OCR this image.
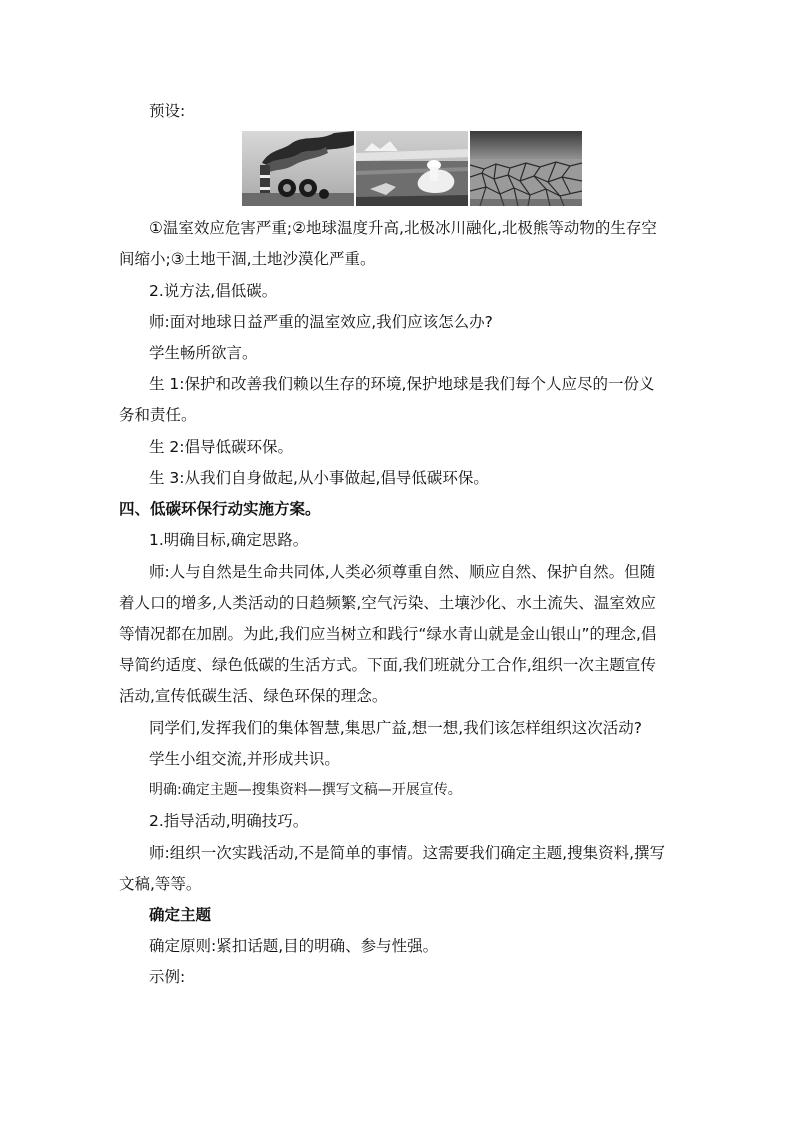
预设:
①温室效应危害严重;②地球温度升高,北极冰川融化,北极熊等动物的生存空
间缩小;③土地干涸,土地沙漠化严重。
2.说方法,倡低碳。
师:面对地球日益严重的温室效应,我们应该怎么办?
学生畅所欲言。
生 1:保护和改善我们赖以生存的环境,保护地球是我们每个人应尽的一份义
务和责任。
生 2:倡导低碳环保。
生 3:从我们自身做起,从小事做起,倡导低碳环保。
四、低碳环保行动实施方案。
1.明确目标,确定思路。
师:人与自然是生命共同体,人类必须尊重自然、顺应自然、保护自然。但随
着人口的增多,人类活动的日趋频繁,空气污染、土壤沙化、水土流失、温室效应
等情况都在加剧。为此,我们应当树立和践行“绿水青山就是金山银山”的理念,倡
导简约适度、绿色低碳的生活方式。下面,我们班就分工合作,组织一次主题宣传
活动,宣传低碳生活、绿色环保的理念。
同学们,发挥我们的集体智慧,集思广益,想一想,我们该怎样组织这次活动?
学生小组交流,并形成共识。
明确:确定主题—搜集资料—撰写文稿—开展宣传。
2.指导活动,明确技巧。
师:组织一次实践活动,不是简单的事情。这需要我们确定主题,搜集资料,撰写
文稿,等等。
确定主题
确定原则:紧扣话题,目的明确、参与性强。
示例:
